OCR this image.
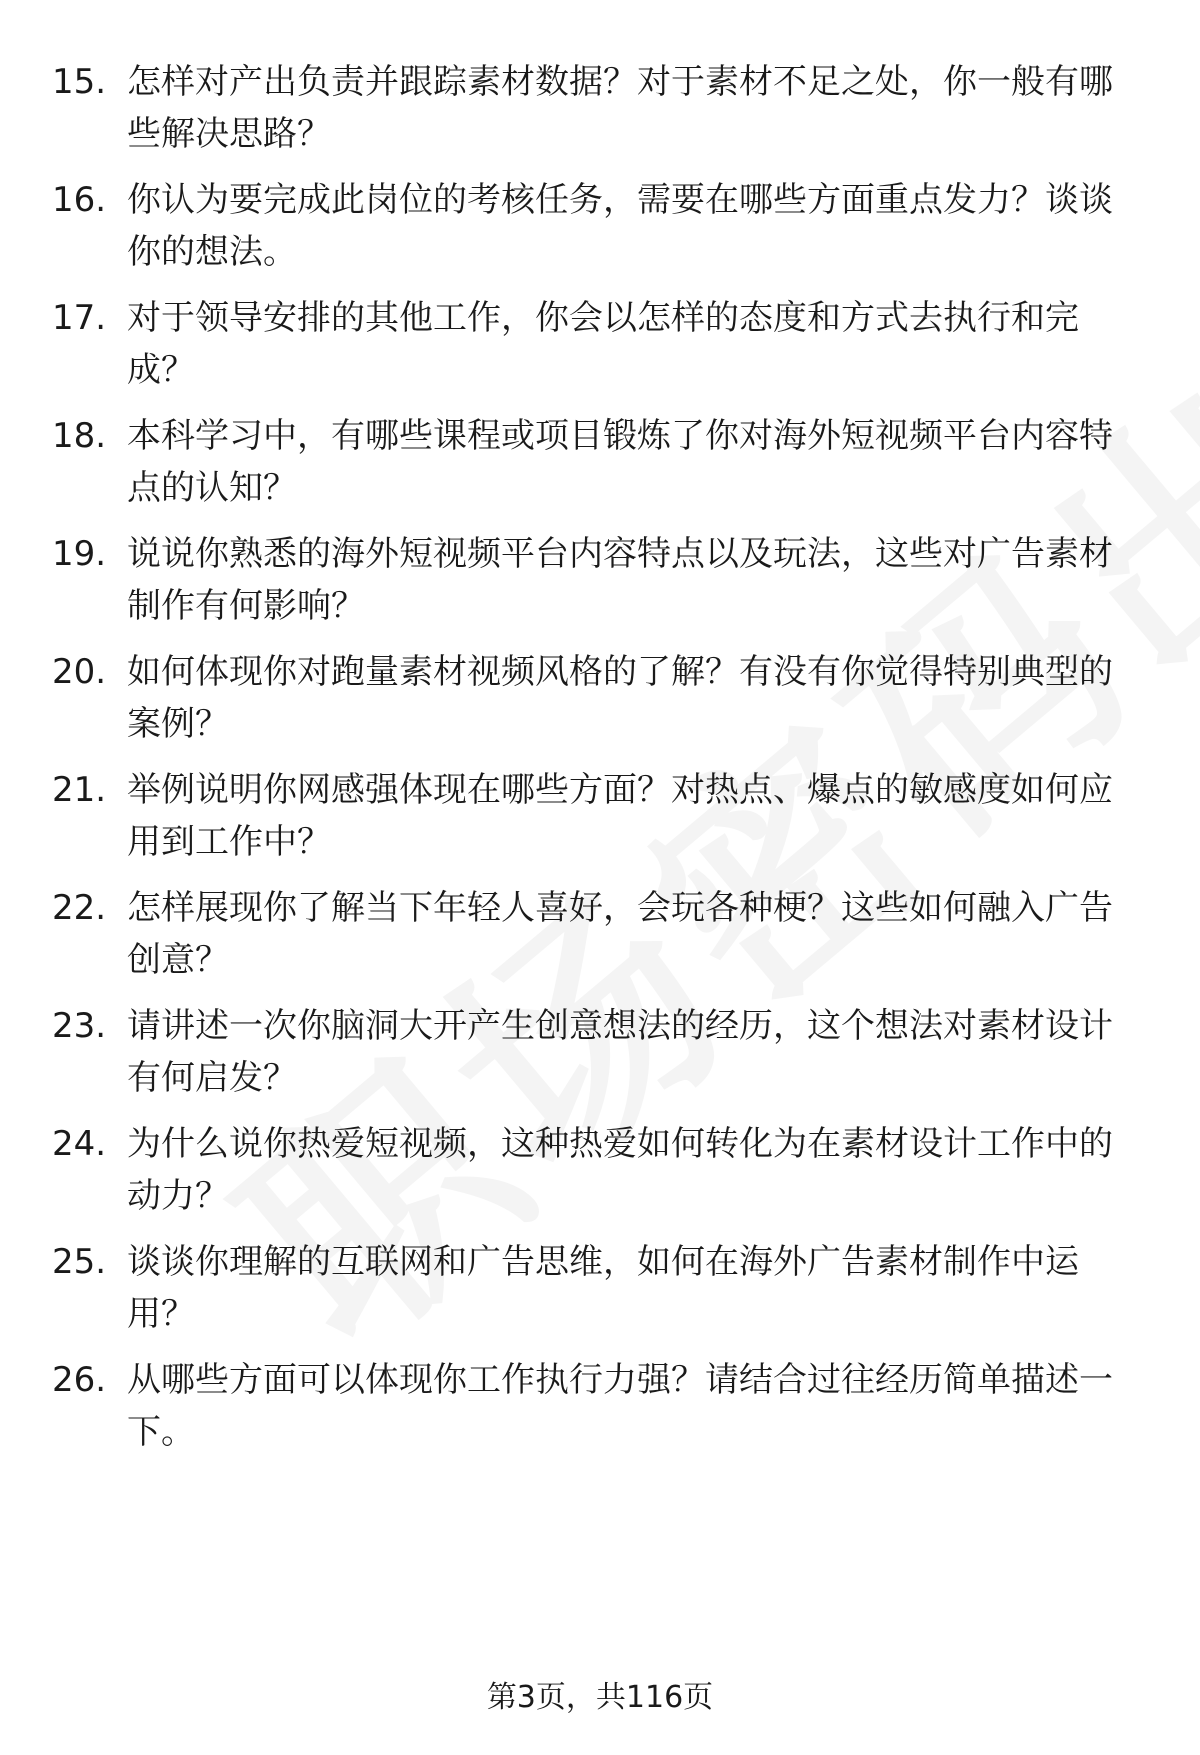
15. 怎样对产出负责并跟踪素材数据？对于素材不足之处，你一般有哪些解决思路？
16. 你认为要完成此岗位的考核任务，需要在哪些方面重点发力？谈谈你的想法。
17. 对于领导安排的其他工作，你会以怎样的态度和方式去执行和完成？
18. 本科学习中，有哪些课程或项目锻炼了你对海外短视频平台内容特点的认知？
19. 说说你熟悉的海外短视频平台内容特点以及玩法，这些对广告素材制作有何影响？
20. 如何体现你对跑量素材视频风格的了解？有没有你觉得特别典型的案例？
21. 举例说明你网感强体现在哪些方面？对热点、爆点的敏感度如何应用到工作中？
22. 怎样展现你了解当下年轻人喜好，会玩各种梗？这些如何融入广告创意？
23. 请讲述一次你脑洞大开产生创意想法的经历，这个想法对素材设计有何启发？
24. 为什么说你热爱短视频，这种热爱如何转化为在素材设计工作中的动力？
25. 谈谈你理解的互联网和广告思维，如何在海外广告素材制作中运用？
26. 从哪些方面可以体现你工作执行力强？请结合过往经历简单描述一下。
第3页，共116页
